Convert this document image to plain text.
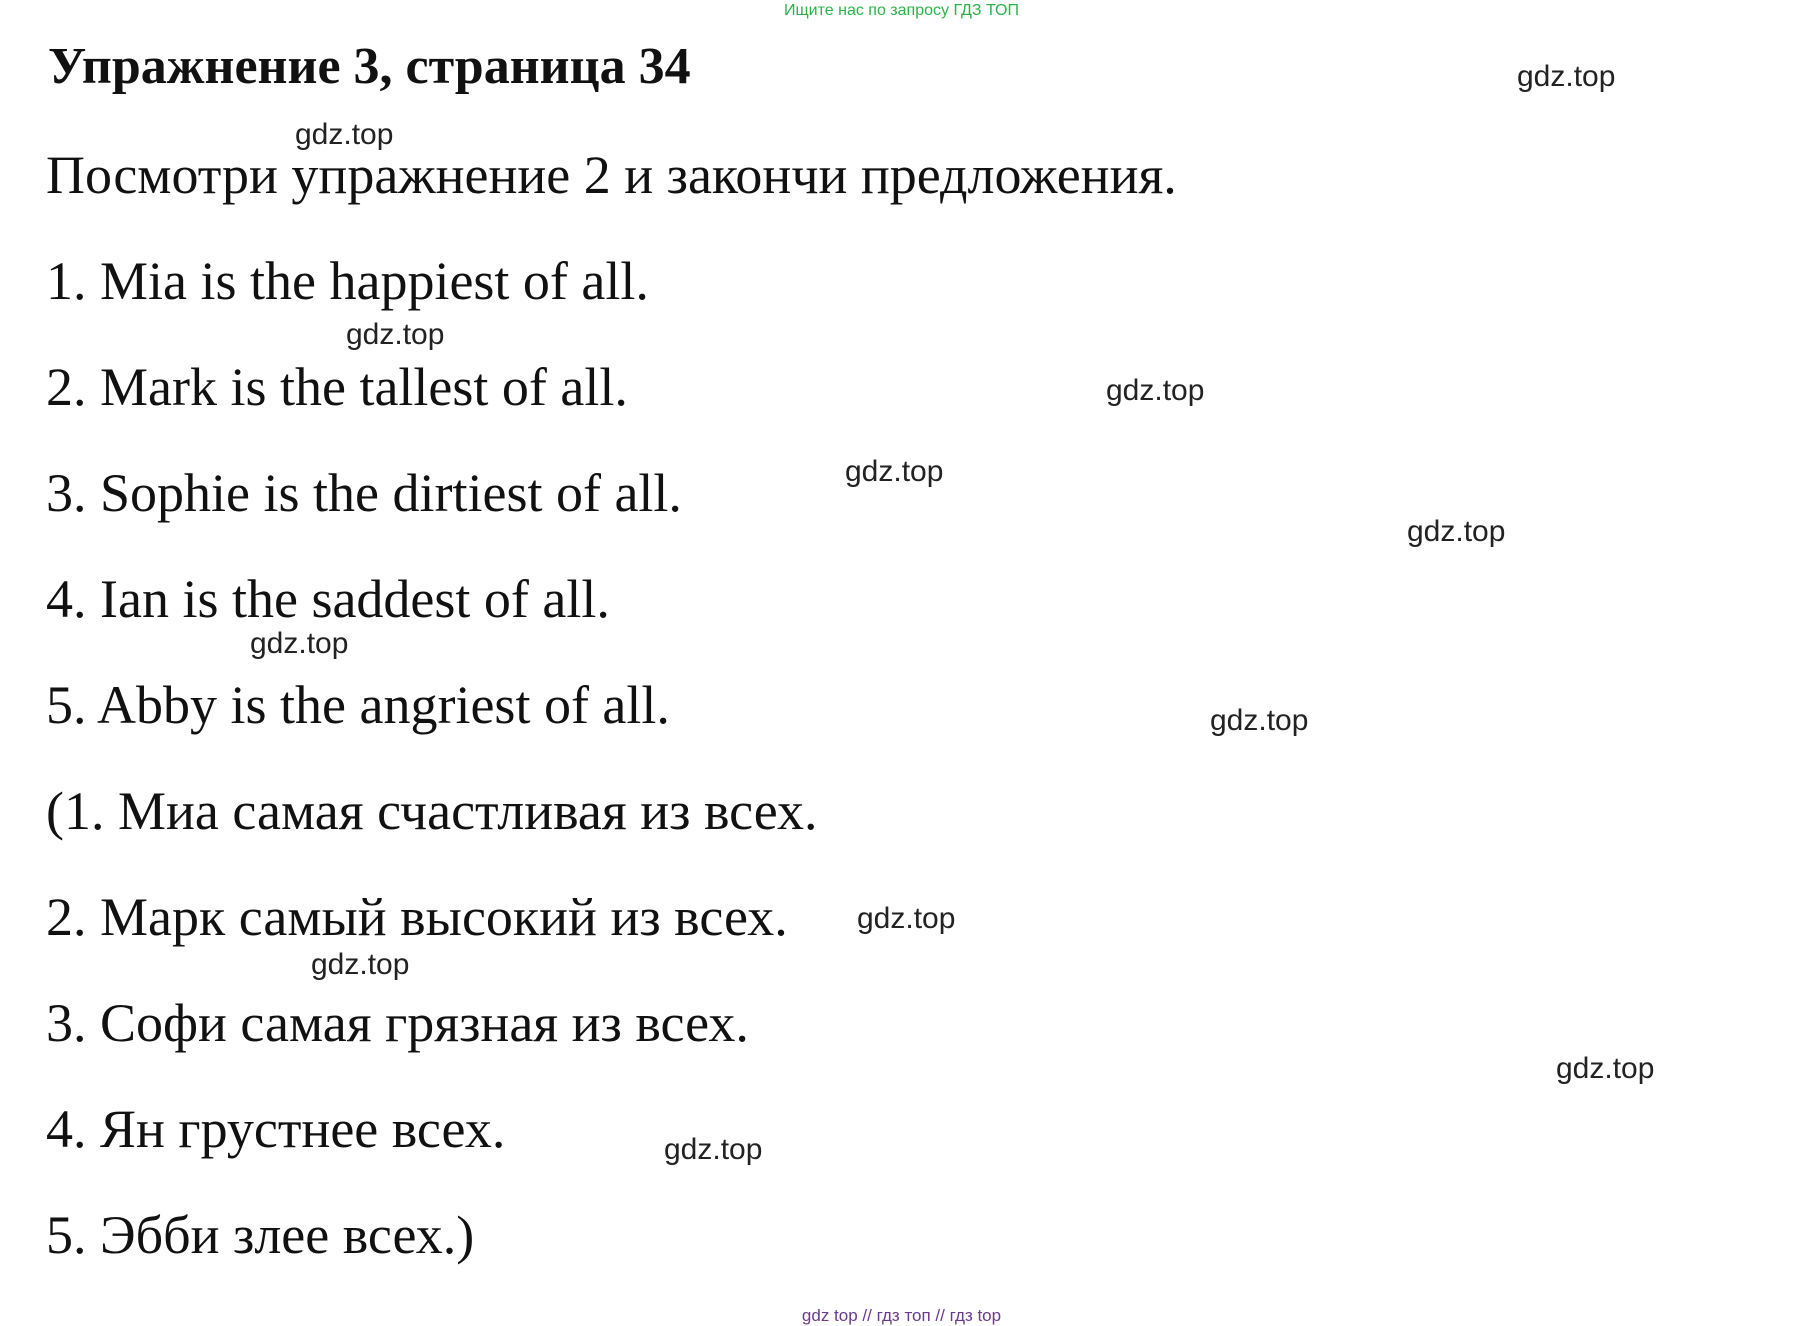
Ищите нас по запросу ГДЗ ТОП
Упражнение 3, страница 34
Посмотри упражнение 2 и закончи предложения.
1. Mia is the happiest of all.
2. Mark is the tallest of all.
3. Sophie is the dirtiest of all.
4. Ian is the saddest of all.
5. Abby is the angriest of all.
(1. Миа самая счастливая из всех.
2. Марк самый высокий из всех.
3. Софи самая грязная из всех.
4. Ян грустнее всех.
5. Эбби злее всех.)
gdz.top
gdz.top
gdz.top
gdz.top
gdz.top
gdz.top
gdz.top
gdz.top
gdz.top
gdz.top
gdz.top
gdz.top
gdz top // гдз топ // гдз top
